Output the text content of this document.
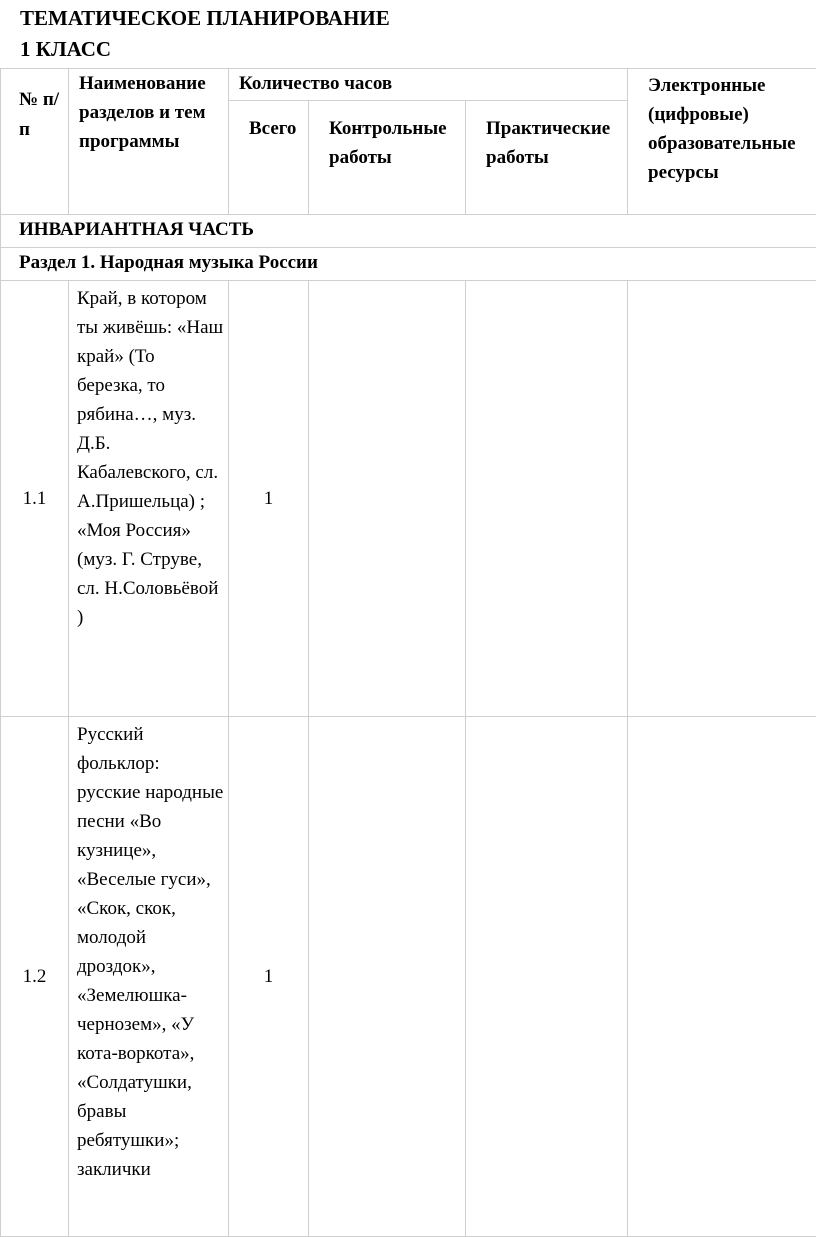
ТЕМАТИЧЕСКОЕ ПЛАНИРОВАНИЕ
1 КЛАСС
№ п/ п	Наименование разделов и тем программы	Количество часов			Электронные (цифровые) образовательные ресурсы

		Всего	Контрольные работы	Практические работы	

ИНВАРИАНТНАЯ ЧАСТЬ					

Раздел 1. Народная музыка России					

1.1	Край, в котором ты живёшь: «Наш край» (То березка, то рябина…, муз. Д.Б. Кабалевского, сл. А.Пришельца) ; «Моя Россия» (муз. Г. Струве, сл. Н.Соловьёвой )	1			
1.2	Русский фольклор: русские народные песни «Во кузнице», «Веселые гуси», «Скок, скок, молодой дроздок», «Земелюшка-чернозем», «У кота-воркота», «Солдатушки, бравы ребятушки»; заклички	1			
